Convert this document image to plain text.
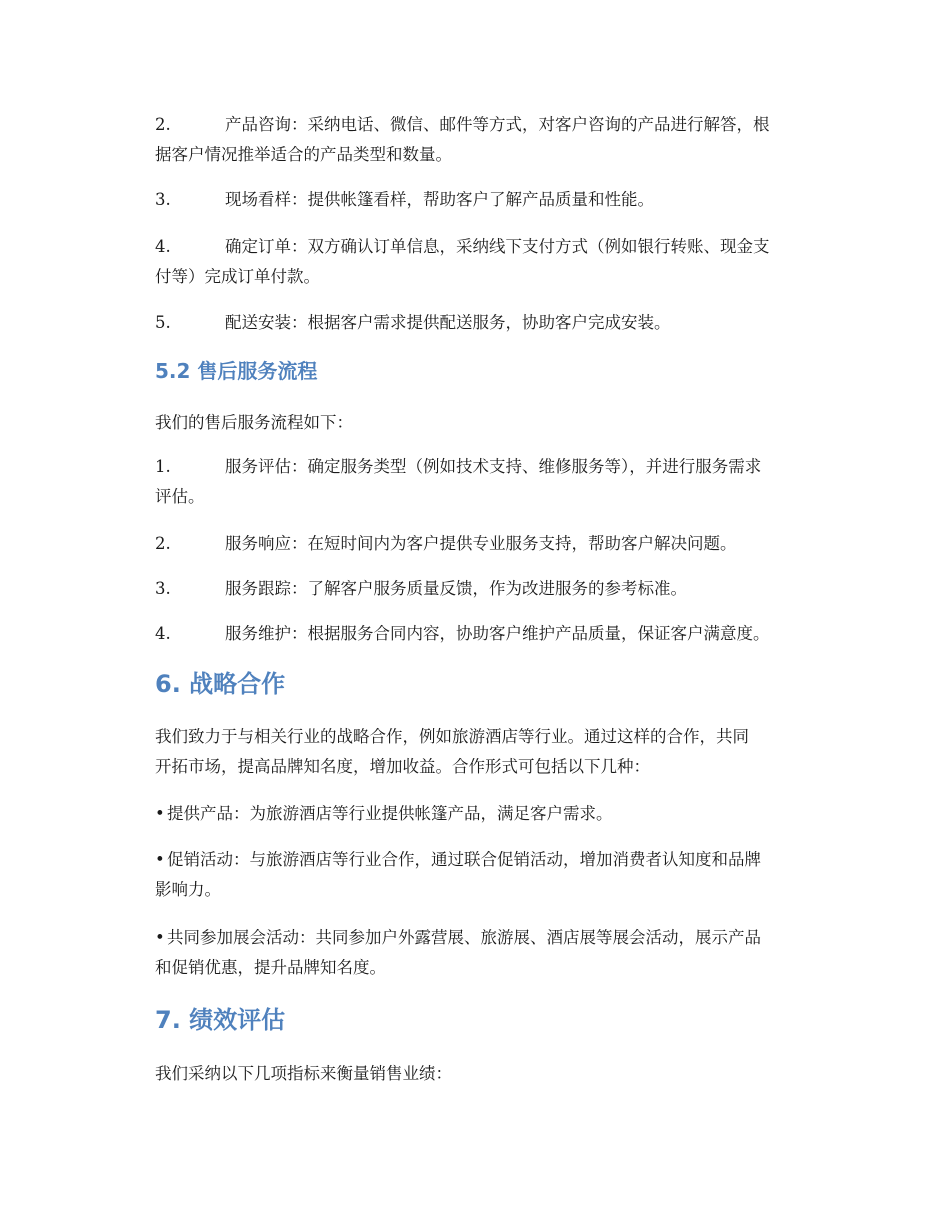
2.	产品咨询：采纳电话、微信、邮件等方式，对客户咨询的产品进行解答，根
据客户情况推举适合的产品类型和数量。

3.	现场看样：提供帐篷看样，帮助客户了解产品质量和性能。

4.	确定订单：双方确认订单信息，采纳线下支付方式（例如银行转账、现金支
付等）完成订单付款。

5.	配送安装：根据客户需求提供配送服务，协助客户完成安装。

5.2 售后服务流程

我们的售后服务流程如下：

1.	服务评估：确定服务类型（例如技术支持、维修服务等），并进行服务需求
评估。

2.	服务响应：在短时间内为客户提供专业服务支持，帮助客户解决问题。

3.	服务跟踪：了解客户服务质量反馈，作为改进服务的参考标准。

4.	服务维护：根据服务合同内容，协助客户维护产品质量，保证客户满意度。

6. 战略合作

我们致力于与相关行业的战略合作，例如旅游酒店等行业。通过这样的合作，共同
开拓市场，提高品牌知名度，增加收益。合作形式可包括以下几种：

• 提供产品：为旅游酒店等行业提供帐篷产品，满足客户需求。

• 促销活动：与旅游酒店等行业合作，通过联合促销活动，增加消费者认知度和品牌
影响力。

• 共同参加展会活动：共同参加户外露营展、旅游展、酒店展等展会活动，展示产品
和促销优惠，提升品牌知名度。

7. 绩效评估

我们采纳以下几项指标来衡量销售业绩：
